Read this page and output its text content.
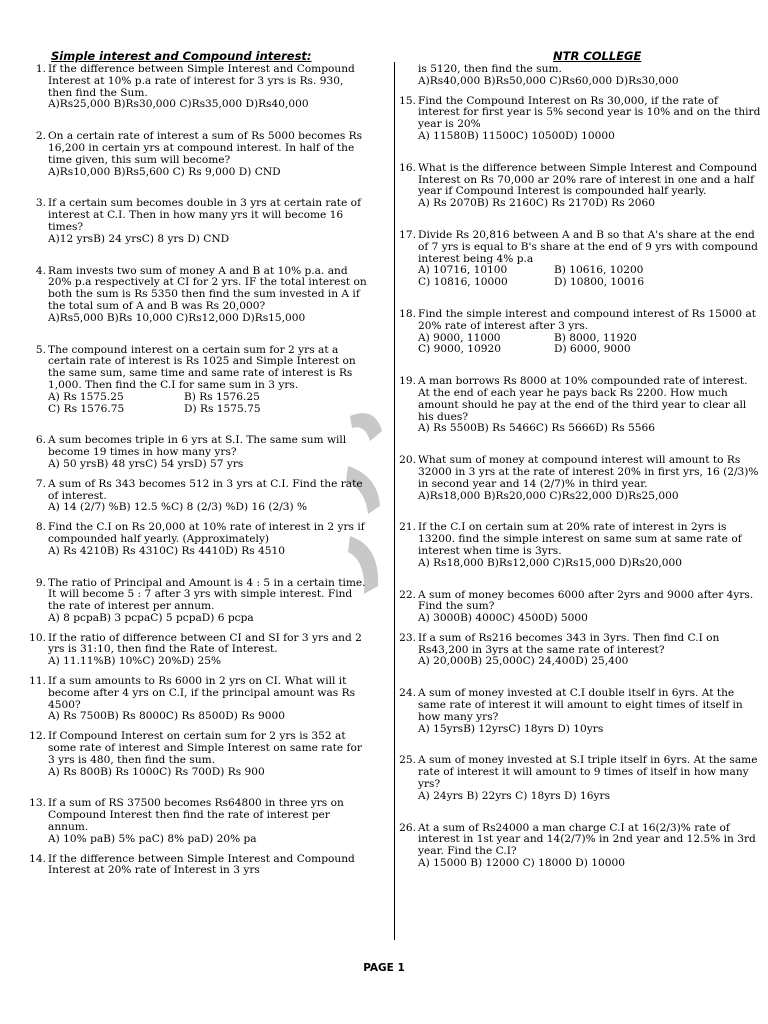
Simple interest and Compound interest:	NTR COLLEGE
1. If the difference between Simple Interest and Compound Interest at 10% p.a rate of interest for 3 yrs is Rs. 930, then find the Sum.
A)Rs25,000 B)Rs30,000 C)Rs35,000 D)Rs40,000
2. On a certain rate of interest a sum of Rs 5000 becomes Rs 16,200 in certain yrs at compound interest. In half of the time given, this sum will become?
A)Rs10,000 B)Rs5,600 C) Rs 9,000 D) CND
3. If a certain sum becomes double in 3 yrs at certain rate of interest at C.I. Then in how many yrs it will become 16 times?
A)12 yrsB) 24 yrsC) 8 yrs D) CND
4. Ram invests two sum of money A and B at 10% p.a. and 20% p.a respectively at CI for 2 yrs. IF the total interest on both the sum is Rs 5350 then find the sum invested in A if the total sum of A and B was Rs 20,000?
A)Rs5,000 B)Rs 10,000 C)Rs12,000 D)Rs15,000
5. The compound interest on a certain sum for 2 yrs at a certain rate of interest is Rs 1025 and Simple Interest on the same sum, same time and same rate of interest is Rs 1,000. Then find the C.I for same sum in 3 yrs.
A) Rs 1575.25	B) Rs 1576.25
C) Rs 1576.75	D) Rs 1575.75
6. A sum becomes triple in 6 yrs at S.I. The same sum will become 19 times in how many yrs?
A) 50 yrsB) 48 yrsC) 54 yrsD) 57 yrs
7. A sum of Rs 343 becomes 512 in 3 yrs at C.I. Find the rate of interest.
A) 14 (2/7) %B) 12.5 %C) 8 (2/3) %D) 16 (2/3) %
8. Find the C.I on Rs 20,000 at 10% rate of interest in 2 yrs if compounded half yearly. (Approximately)
A) Rs 4210B) Rs 4310C) Rs 4410D) Rs 4510
9. The ratio of Principal and Amount is 4 : 5 in a certain time. It will become 5 : 7 after 3 yrs with simple interest. Find the rate of interest per annum.
A) 8 pcpaB) 3 pcpaC) 5 pcpaD) 6 pcpa
10. If the ratio of difference between CI and SI for 3 yrs and 2 yrs is 31:10, then find the Rate of Interest.
A) 11.11%B) 10%C) 20%D) 25%
11. If a sum amounts to Rs 6000 in 2 yrs on CI. What will it become after 4 yrs on C.I, if the principal amount was Rs 4500?
A) Rs 7500B) Rs 8000C) Rs 8500D) Rs 9000
12. If Compound Interest on certain sum for 2 yrs is 352 at some rate of interest and Simple Interest on same rate for 3 yrs is 480, then find the sum.
A) Rs 800B) Rs 1000C) Rs 700D) Rs 900
13. If a sum of RS 37500 becomes Rs64800 in three yrs on Compound Interest then find the rate of interest per annum.
A) 10% paB) 5% paC) 8% paD) 20% pa
14. If the difference between Simple Interest and Compound Interest at 20% rate of Interest in 3 yrs
is 5120, then find the sum.
A)Rs40,000 B)Rs50,000 C)Rs60,000 D)Rs30,000
15. Find the Compound Interest on Rs 30,000, if the rate of interest for first year is 5% second year is 10% and on the third year is 20%
A) 11580B) 11500C) 10500D) 10000
16. What is the difference between Simple Interest and Compound Interest on Rs 70,000 ar 20% rare of interest in one and a half year if Compound Interest is compounded half yearly.
A) Rs 2070B) Rs 2160C) Rs 2170D) Rs 2060
17. Divide Rs 20,816 between A and B so that A's share at the end of 7 yrs is equal to B's share at the end of 9 yrs with compound interest being 4% p.a
A) 10716, 10100	B) 10616, 10200
C) 10816, 10000	D) 10800, 10016
18. Find the simple interest and compound interest of Rs 15000 at 20% rate of interest after 3 yrs.
A) 9000, 11000	B) 8000, 11920
C) 9000, 10920	D) 6000, 9000
19. A man borrows Rs 8000 at 10% compounded rate of interest. At the end of each year he pays back Rs 2200. How much amount should he pay at the end of the third year to clear all his dues?
A) Rs 5500B) Rs 5466C) Rs 5666D) Rs 5566
20. What sum of money at compound interest will amount to Rs 32000 in 3 yrs at the rate of interest 20% in first yrs, 16 (2/3)% in second year and 14 (2/7)% in third year.
A)Rs18,000 B)Rs20,000 C)Rs22,000 D)Rs25,000
21. If the C.I on certain sum at 20% rate of interest in 2yrs is 13200. find the simple interest on same sum at same rate of interest when time is 3yrs.
A) Rs18,000 B)Rs12,000 C)Rs15,000 D)Rs20,000
22. A sum of money becomes 6000 after 2yrs and 9000 after 4yrs. Find the sum?
A) 3000B) 4000C) 4500D) 5000
23. If a sum of Rs216 becomes 343 in 3yrs. Then find C.I on Rs43,200 in 3yrs at the same rate of interest?
A) 20,000B) 25,000C) 24,400D) 25,400
24. A sum of money invested at C.I double itself in 6yrs. At the same rate of interest it will amount to eight times of itself in how many yrs?
A) 15yrsB) 12yrsC) 18yrs D) 10yrs
25. A sum of money invested at S.I triple itself in 6yrs. At the same rate of interest it will amount to 9 times of itself in how many yrs?
A) 24yrs B) 22yrs C) 18yrs D) 16yrs
26. At a sum of Rs24000 a man charge C.I at 16(2/3)% rate of interest in 1st year and 14(2/7)% in 2nd year and 12.5% in 3rd year. Find the C.I?
A) 15000 B) 12000 C) 18000 D) 10000
PAGE 1
